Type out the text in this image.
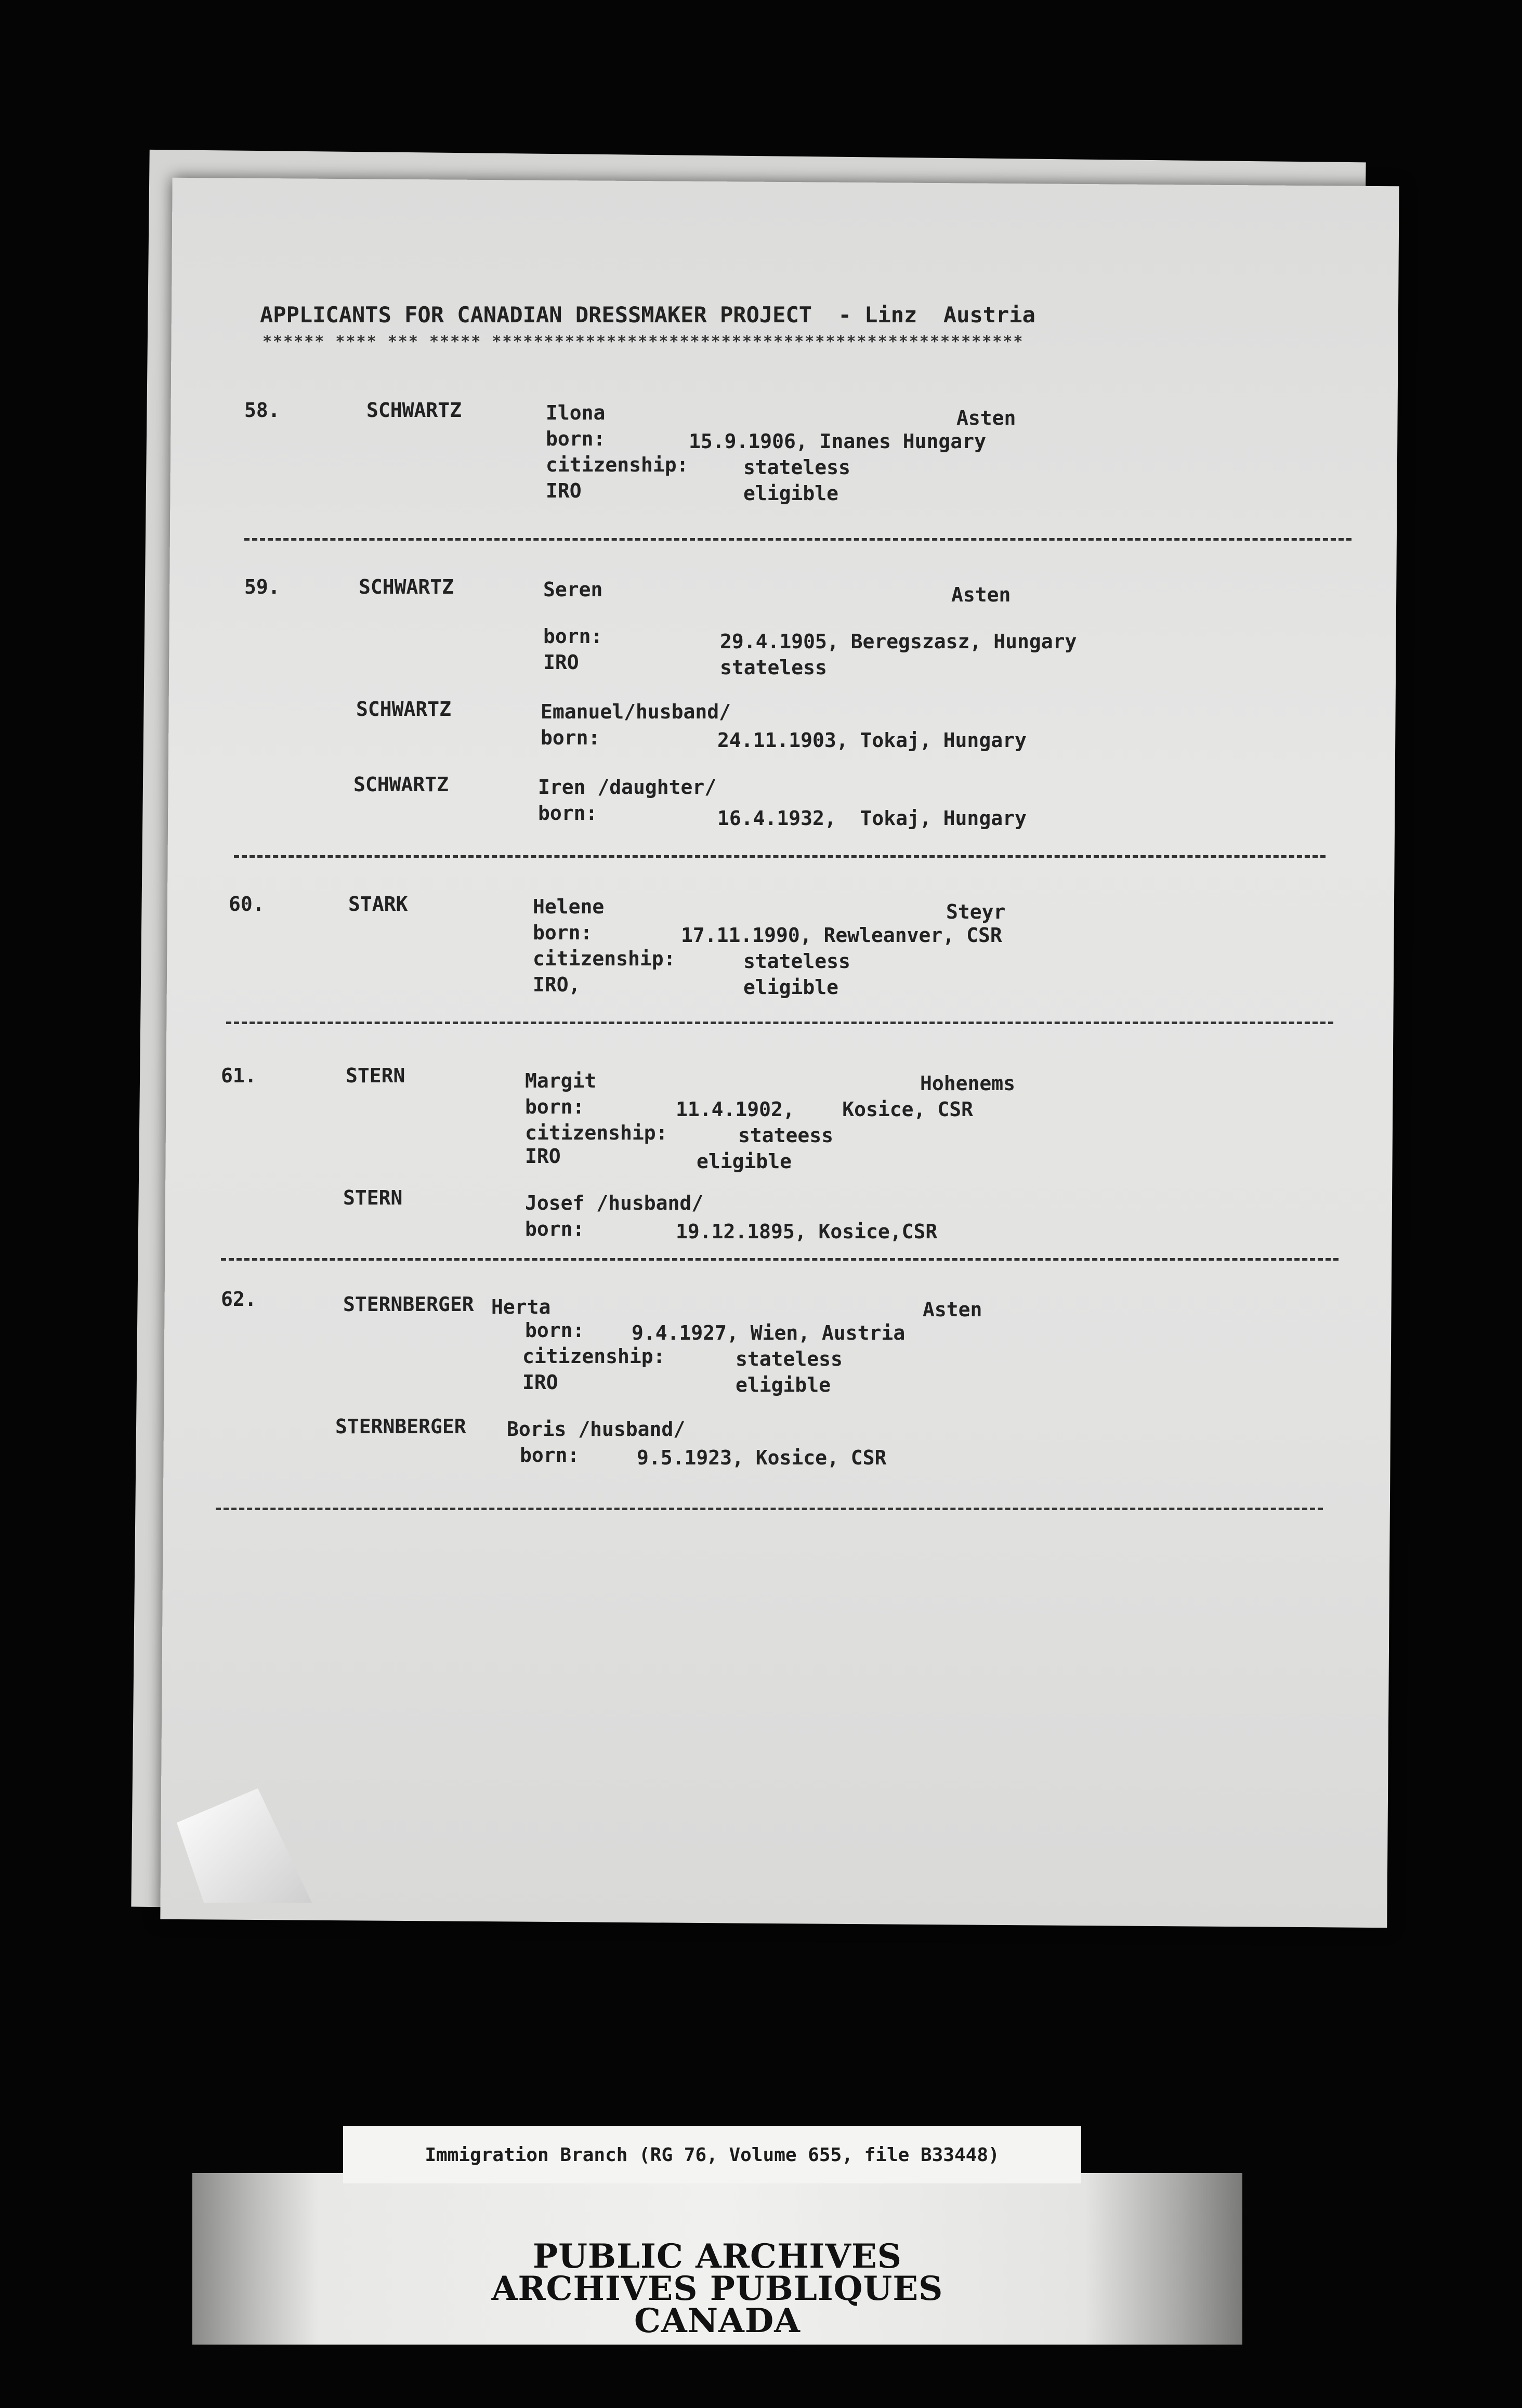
APPLICANTS FOR CANADIAN DRESSMAKER PROJECT  - Linz  Austria

****** **** *** ***** ***************************************************

58.	SCHWARTZ	Ilona	Asten

born:	15.9.1906, Inanes Hungary

citizenship:	stateless

IRO	eligible

59.	SCHWARTZ	Seren	Asten

born:	29.4.1905, Beregszasz, Hungary

IRO	stateless

SCHWARTZ	Emanuel/husband/

born:	24.11.1903, Tokaj, Hungary

SCHWARTZ	Iren /daughter/

born:	16.4.1932,  Tokaj, Hungary

60.	STARK	Helene	Steyr

born:	17.11.1990, Rewleanver, CSR

citizenship:	stateless

IRO,	eligible

61.	STERN	Margit	Hohenems

born:	11.4.1902,    Kosice, CSR

citizenship:	stateess

IRO	eligible

STERN	Josef /husband/

born:	19.12.1895, Kosice,CSR

62.	STERNBERGER Herta	Asten

born: 9.4.1927, Wien, Austria

citizenship:	stateless

IRO	eligible

STERNBERGER Boris /husband/

born:	9.5.1923, Kosice, CSR

Immigration Branch (RG 76, Volume 655, file B33448)
PUBLIC ARCHIVES
ARCHIVES PUBLIQUES
CANADA
